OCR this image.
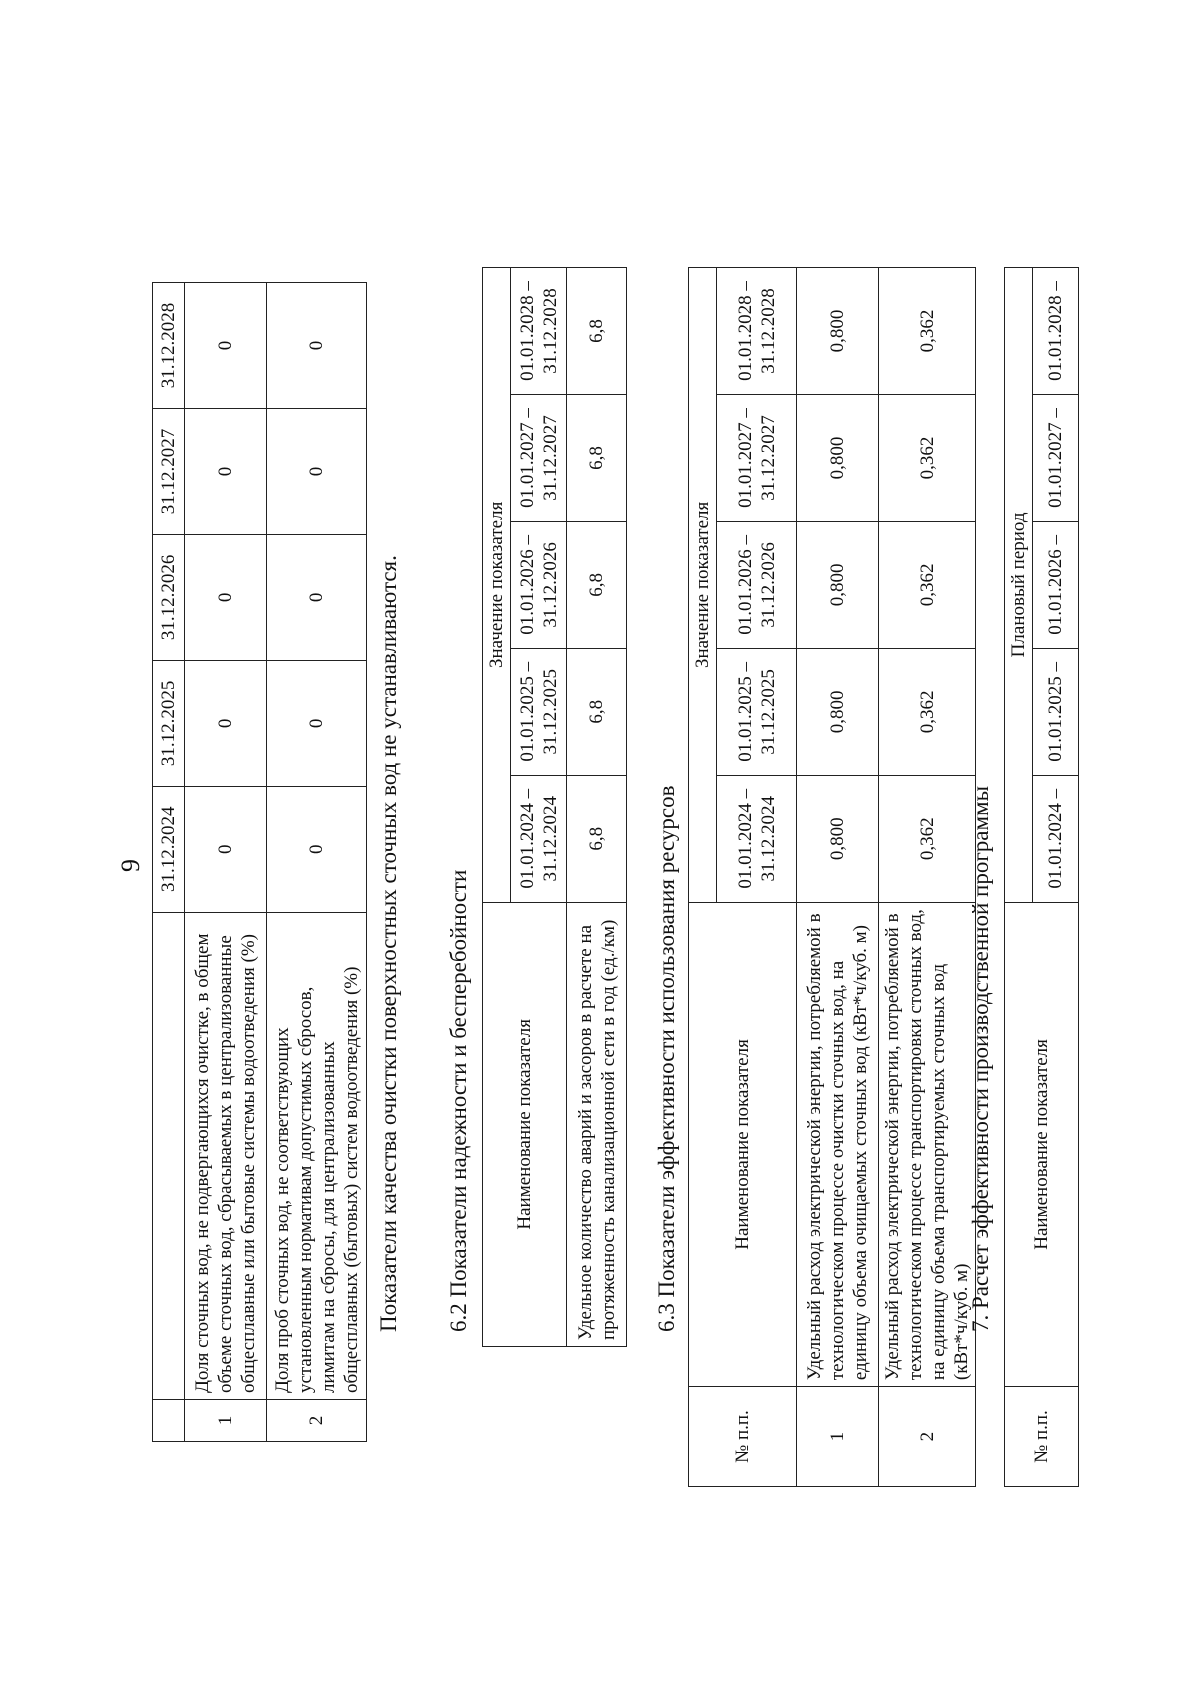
9
		31.12.2024	31.12.2025	31.12.2026	31.12.2027	31.12.2028
1	Доля сточных вод, не подвергающихся очистке, в общем объеме сточных вод, сбрасываемых в централизованные общесплавные или бытовые системы водоотведения (%)	0	0	0	0	0
2	Доля проб сточных вод, не соответствующих установленным нормативам допустимых сбросов, лимитам на сбросы, для централизованных общесплавных (бытовых) систем водоотведения (%)	0	0	0	0	0
Показатели качества очистки поверхностных сточных вод не устанавливаются. 6.2 Показатели надежности и бесперебойности Наименование показателя	Значение показателя				
	01.01.2024 – 31.12.2024	01.01.2025 – 31.12.2025	01.01.2026 – 31.12.2026	01.01.2027 – 31.12.2027	01.01.2028 – 31.12.2028
Удельное количество аварий и засоров в расчете на протяженность канализационной сети в год (ед./км)	6,8	6,8	6,8	6,8	6,8
6.3 Показатели эффективности использования ресурсов
№ п.п.	Наименование показателя	Значение показателя				
		01.01.2024 – 31.12.2024	01.01.2025 – 31.12.2025	01.01.2026 – 31.12.2026	01.01.2027 – 31.12.2027	01.01.2028 – 31.12.2028
1	Удельный расход электрической энергии, потребляемой в технологическом процессе очистки сточных вод, на единицу объема очищаемых сточных вод (кВт*ч/куб. м)	0,800	0,800	0,800	0,800	0,800
2	Удельный расход электрической энергии, потребляемой в технологическом процессе транспортировки сточных вод, на единицу объема транспортируемых сточных вод (кВт*ч/куб. м)	0,362	0,362	0,362	0,362	0,362
7. Расчет эффективности производственной программы
№ п.п.	Наименование показателя	Плановый период				
		01.01.2024 –	01.01.2025 –	01.01.2026 –	01.01.2027 –	01.01.2028 –
